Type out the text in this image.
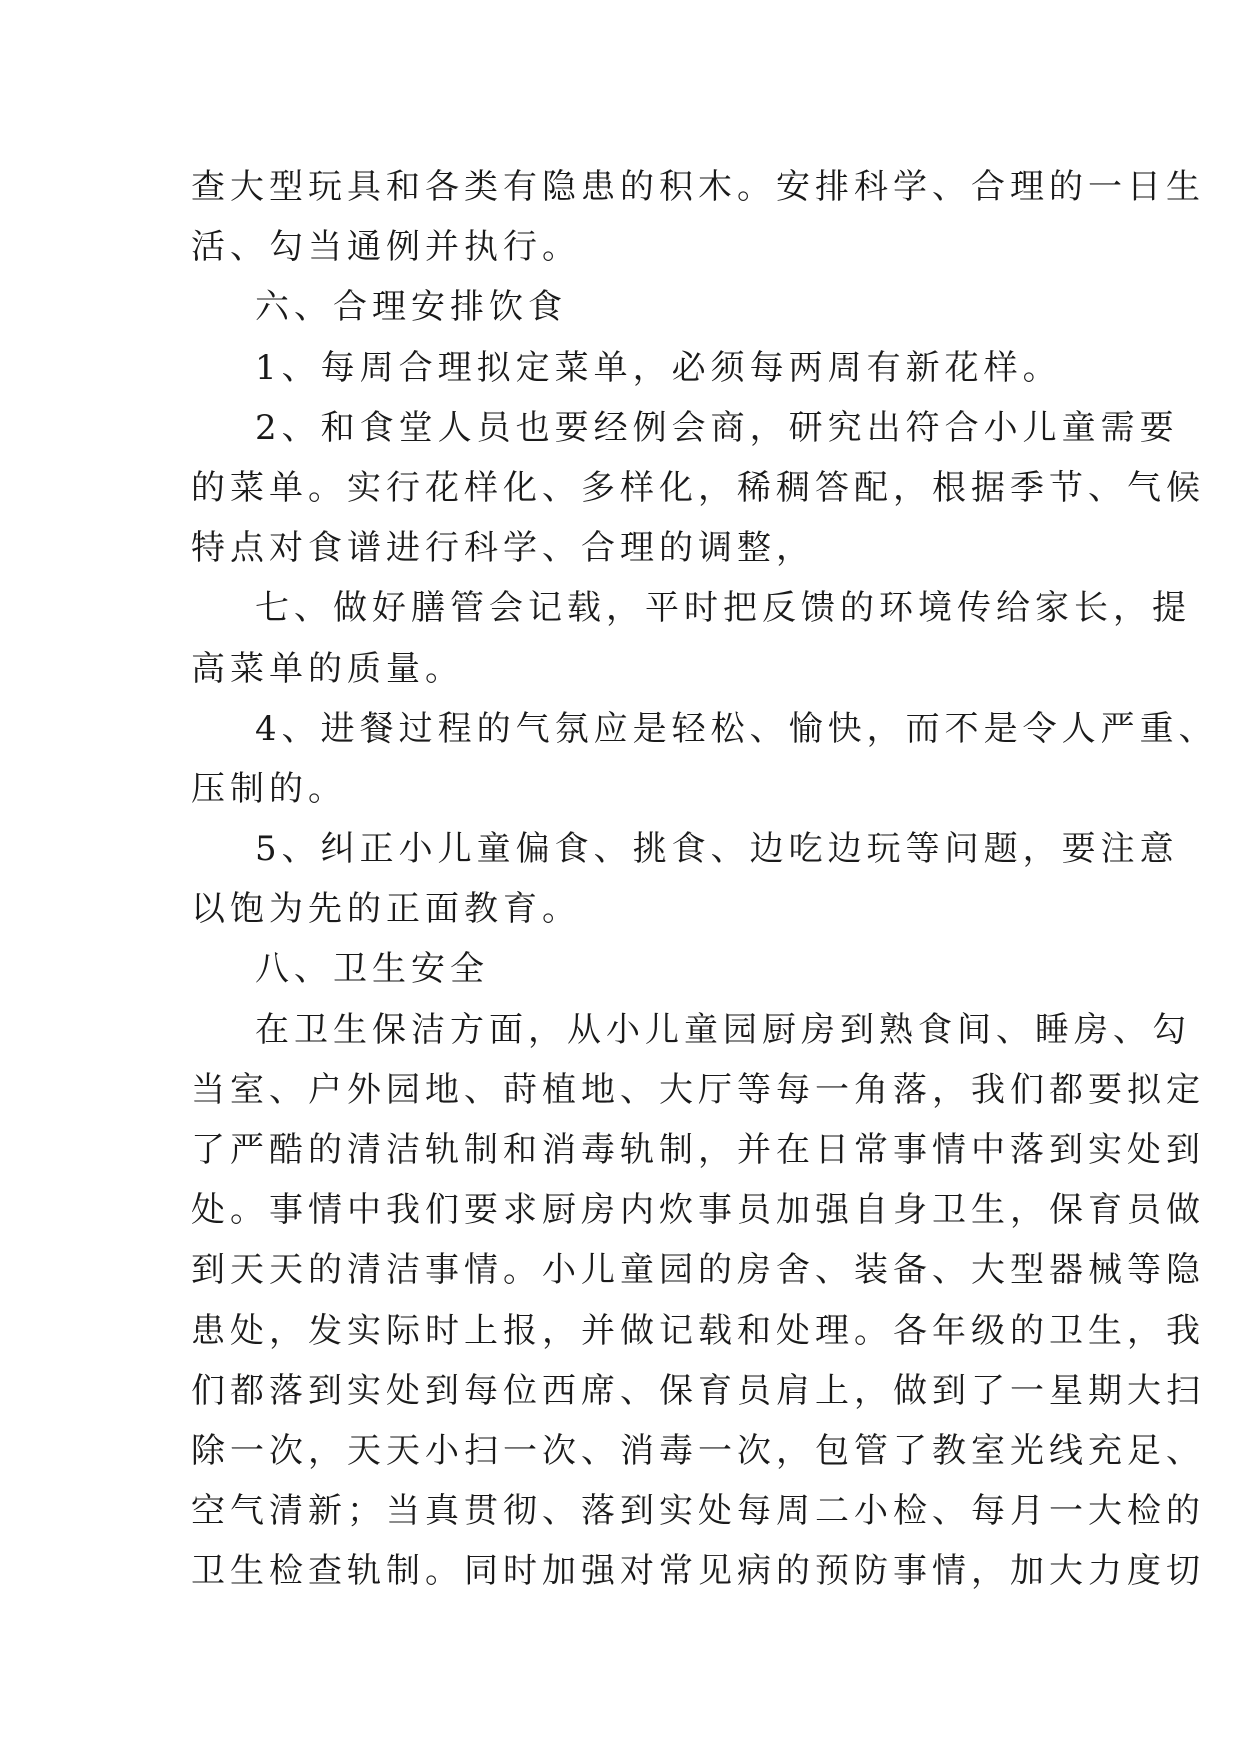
查大型玩具和各类有隐患的积木。安排科学、合理的一日生
活、勾当通例并执行。
六、合理安排饮食
1、每周合理拟定菜单，必须每两周有新花样。
2、和食堂人员也要经例会商，研究出符合小儿童需要
的菜单。实行花样化、多样化，稀稠答配，根据季节、气候
特点对食谱进行科学、合理的调整，
七、做好膳管会记载，平时把反馈的环境传给家长，提
高菜单的质量。
4、进餐过程的气氛应是轻松、愉快，而不是令人严重、
压制的。
5、纠正小儿童偏食、挑食、边吃边玩等问题，要注意
以饱为先的正面教育。
八、卫生安全
在卫生保洁方面，从小儿童园厨房到熟食间、睡房、勾
当室、户外园地、莳植地、大厅等每一角落，我们都要拟定
了严酷的清洁轨制和消毒轨制，并在日常事情中落到实处到
处。事情中我们要求厨房内炊事员加强自身卫生，保育员做
到天天的清洁事情。小儿童园的房舍、装备、大型器械等隐
患处，发实际时上报，并做记载和处理。各年级的卫生，我
们都落到实处到每位西席、保育员肩上，做到了一星期大扫
除一次，天天小扫一次、消毒一次，包管了教室光线充足、
空气清新；当真贯彻、落到实处每周二小检、每月一大检的
卫生检查轨制。同时加强对常见病的预防事情，加大力度切
